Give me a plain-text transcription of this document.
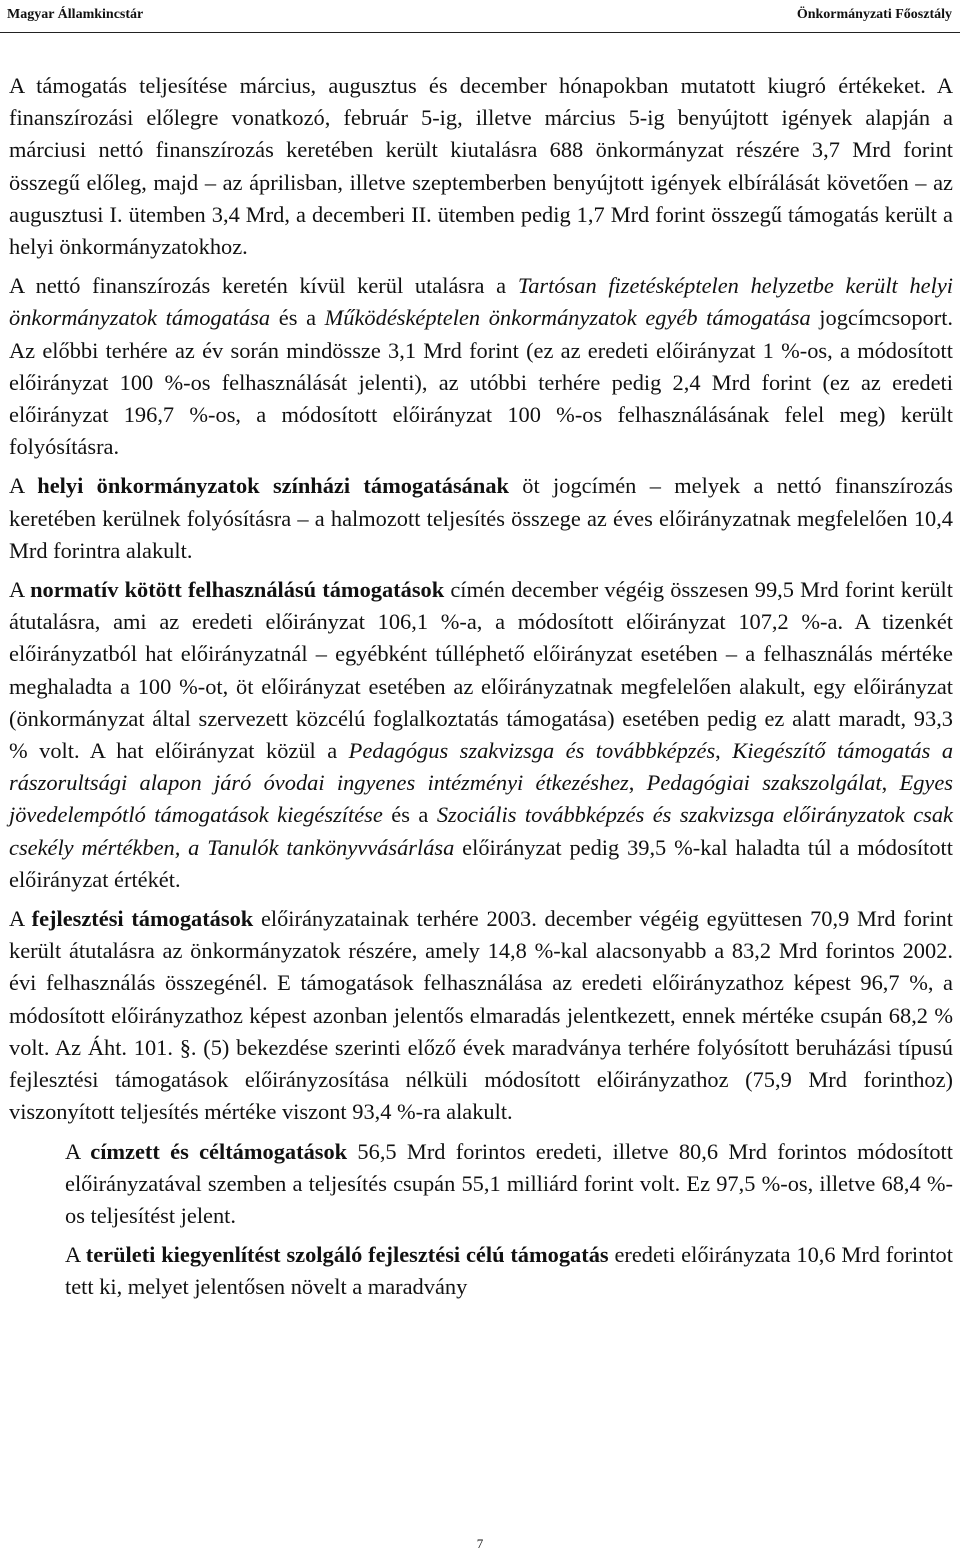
Magyar Államkincstár	Önkormányzati Főosztály

A támogatás teljesítése március, augusztus és december hónapokban mutatott kiugró értékeket. A finanszírozási előlegre vonatkozó, február 5-ig, illetve március 5-ig benyújtott igények alapján a márciusi nettó finanszírozás keretében került kiutalásra 688 önkormányzat részére 3,7 Mrd forint összegű előleg, majd – az áprilisban, illetve szeptemberben benyújtott igények elbírálását követően – az augusztusi I. ütemben 3,4 Mrd, a decemberi II. ütemben pedig 1,7 Mrd forint összegű támogatás került a helyi önkormányzatokhoz.

A nettó finanszírozás keretén kívül kerül utalásra a Tartósan fizetésképtelen helyzetbe került helyi önkormányzatok támogatása és a Működésképtelen önkormányzatok egyéb támogatása jogcímcsoport. Az előbbi terhére az év során mindössze 3,1 Mrd forint (ez az eredeti előirányzat 1 %-os, a módosított előirányzat 100 %-os felhasználását jelenti), az utóbbi terhére pedig 2,4 Mrd forint (ez az eredeti előirányzat 196,7 %-os, a módosított előirányzat 100 %-os felhasználásának felel meg) került folyósításra.

A helyi önkormányzatok színházi támogatásának öt jogcímén – melyek a nettó finanszírozás keretében kerülnek folyósításra – a halmozott teljesítés összege az éves előirányzatnak megfelelően 10,4 Mrd forintra alakult.

A normatív kötött felhasználású támogatások címén december végéig összesen 99,5 Mrd forint került átutalásra, ami az eredeti előirányzat 106,1 %-a, a módosított előirányzat 107,2 %-a. A tizenkét előirányzatból hat előirányzatnál – egyébként túlléphető előirányzat esetében – a felhasználás mértéke meghaladta a 100 %-ot, öt előirányzat esetében az előirányzatnak megfelelően alakult, egy előirányzat (önkormányzat által szervezett közcélú foglalkoztatás támogatása) esetében pedig ez alatt maradt, 93,3 % volt. A hat előirányzat közül a Pedagógus szakvizsga és továbbképzés, Kiegészítő támogatás a rászorultsági alapon járó óvodai ingyenes intézményi étkezéshez, Pedagógiai szakszolgálat, Egyes jövedelempótló támogatások kiegészítése és a Szociális továbbképzés és szakvizsga előirányzatok csak csekély mértékben, a Tanulók tankönyvvásárlása előirányzat pedig 39,5 %-kal haladta túl a módosított előirányzat értékét.

A fejlesztési támogatások előirányzatainak terhére 2003. december végéig együttesen 70,9 Mrd forint került átutalásra az önkormányzatok részére, amely 14,8 %-kal alacsonyabb a 83,2 Mrd forintos 2002. évi felhasználás összegénél. E támogatások felhasználása az eredeti előirányzathoz képest 96,7 %, a módosított előirányzathoz képest azonban jelentős elmaradás jelentkezett, ennek mértéke csupán 68,2 % volt. Az Áht. 101. §. (5) bekezdése szerinti előző évek maradványa terhére folyósított beruházási típusú fejlesztési támogatások előirányzosítása nélküli módosított előirányzathoz (75,9 Mrd forinthoz) viszonyított teljesítés mértéke viszont 93,4 %-ra alakult.

A címzett és céltámogatások 56,5 Mrd forintos eredeti, illetve 80,6 Mrd forintos módosított előirányzatával szemben a teljesítés csupán 55,1 milliárd forint volt. Ez 97,5 %-os, illetve 68,4 %-os teljesítést jelent.

A területi kiegyenlítést szolgáló fejlesztési célú támogatás eredeti előirányzata 10,6 Mrd forintot tett ki, melyet jelentősen növelt a maradvány

7
